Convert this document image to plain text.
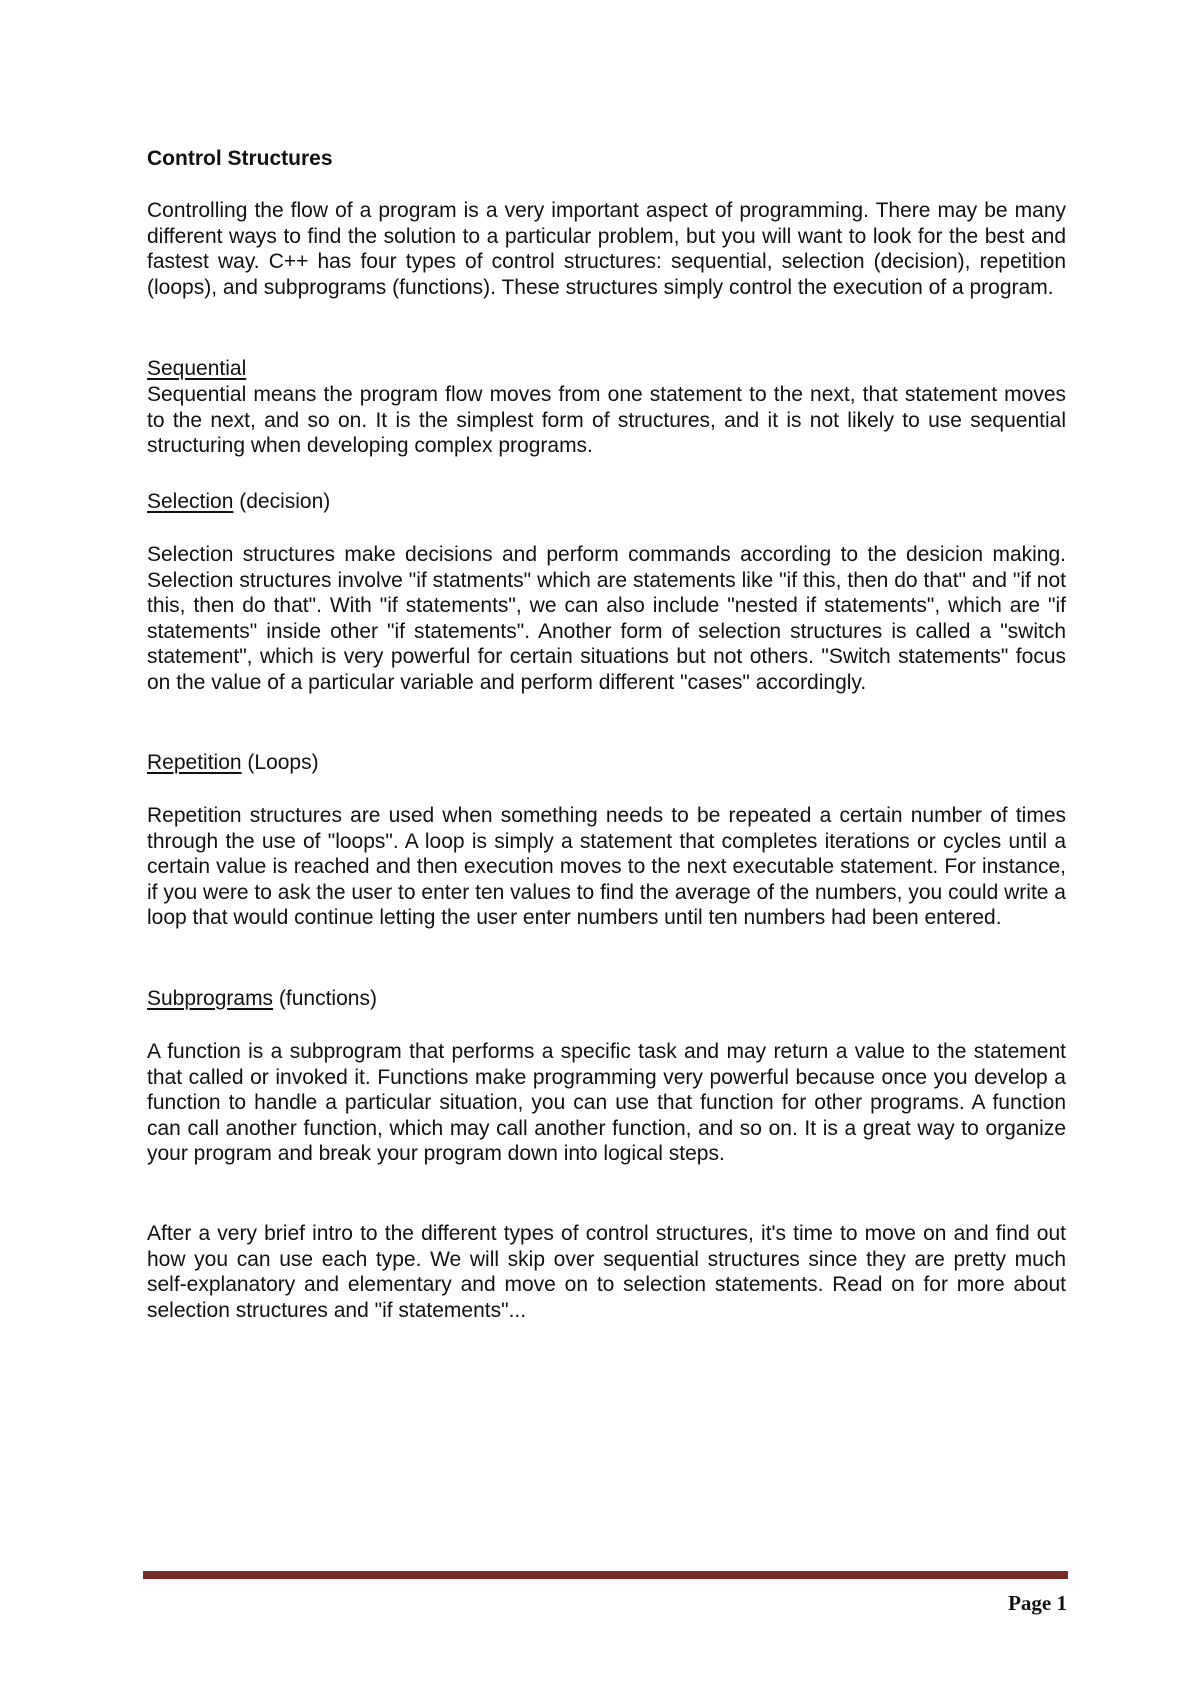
Control Structures

Controlling the flow of a program is a very important aspect of programming. There may be many different ways to find the solution to a particular problem, but you will want to look for the best and fastest way. C++ has four types of control structures: sequential, selection (decision), repetition (loops), and subprograms (functions). These structures simply control the execution of a program.

Sequential

Sequential means the program flow moves from one statement to the next, that statement moves to the next, and so on. It is the simplest form of structures, and it is not likely to use sequential structuring when developing complex programs.

Selection (decision)

Selection structures make decisions and perform commands according to the desicion making. Selection structures involve "if statments" which are statements like "if this, then do that" and "if not this, then do that". With "if statements", we can also include "nested if statements", which are "if statements" inside other "if statements". Another form of selection structures is called a "switch statement", which is very powerful for certain situations but not others. "Switch statements" focus on the value of a particular variable and perform different "cases" accordingly.

Repetition (Loops)

Repetition structures are used when something needs to be repeated a certain number of times through the use of "loops". A loop is simply a statement that completes iterations or cycles until a certain value is reached and then execution moves to the next executable statement. For instance, if you were to ask the user to enter ten values to find the average of the numbers, you could write a loop that would continue letting the user enter numbers until ten numbers had been entered.

Subprograms (functions)

A function is a subprogram that performs a specific task and may return a value to the statement that called or invoked it. Functions make programming very powerful because once you develop a function to handle a particular situation, you can use that function for other programs. A function can call another function, which may call another function, and so on. It is a great way to organize your program and break your program down into logical steps.

After a very brief intro to the different types of control structures, it's time to move on and find out how you can use each type. We will skip over sequential structures since they are pretty much self-explanatory and elementary and move on to selection statements. Read on for more about selection structures and "if statements"...

Page 1
